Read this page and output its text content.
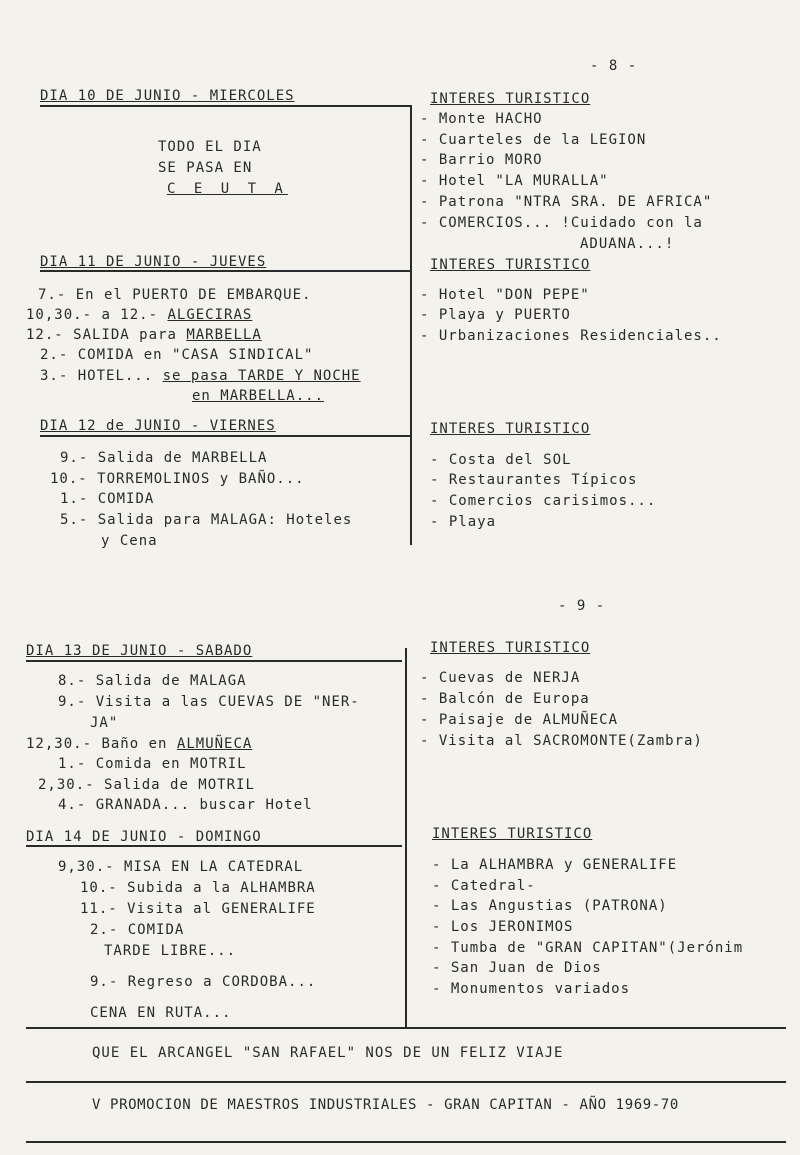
- 8 -
DIA 10 DE JUNIO - MIERCOLES
TODO EL DIA
SE PASA EN
C E U T A
INTERES TURISTICO
- Monte HACHO
- Cuarteles de la LEGION
- Barrio MORO
- Hotel "LA MURALLA"
- Patrona "NTRA SRA. DE AFRICA"
- COMERCIOS... !Cuidado con la
ADUANA...!
DIA 11 DE JUNIO - JUEVES
7.- En el PUERTO DE EMBARQUE.
10,30.- a 12.- ALGECIRAS
12.- SALIDA para MARBELLA
2.- COMIDA en "CASA SINDICAL"
3.- HOTEL... se pasa TARDE Y NOCHE
en MARBELLA...
INTERES TURISTICO
- Hotel "DON PEPE"
- Playa y PUERTO
- Urbanizaciones Residenciales..
DIA 12 de JUNIO - VIERNES
9.- Salida de MARBELLA
10.- TORREMOLINOS y BAÑO...
1.- COMIDA
5.- Salida para MALAGA: Hoteles
y Cena
INTERES TURISTICO
- Costa del SOL
- Restaurantes Típicos
- Comercios carisimos...
- Playa
- 9 -
DIA 13 DE JUNIO - SABADO
8.- Salida de MALAGA
9.- Visita a las CUEVAS DE "NER-
JA"
12,30.- Baño en ALMUÑECA
1.- Comida en MOTRIL
2,30.- Salida de MOTRIL
4.- GRANADA... buscar Hotel
INTERES TURISTICO
- Cuevas de NERJA
- Balcón de Europa
- Paisaje de ALMUÑECA
- Visita al SACROMONTE(Zambra)
DIA 14 DE JUNIO - DOMINGO
9,30.- MISA EN LA CATEDRAL
10.- Subida a la ALHAMBRA
11.- Visita al GENERALIFE
2.- COMIDA
TARDE LIBRE...
9.- Regreso a CORDOBA...
CENA EN RUTA...
INTERES TURISTICO
- La ALHAMBRA y GENERALIFE
- Catedral-
- Las Angustias (PATRONA)
- Los JERONIMOS
- Tumba de "GRAN CAPITAN"(Jerónim
- San Juan de Dios
- Monumentos variados
QUE EL ARCANGEL "SAN RAFAEL" NOS DE UN FELIZ VIAJE
V PROMOCION DE MAESTROS INDUSTRIALES - GRAN CAPITAN - AÑO 1969-70
